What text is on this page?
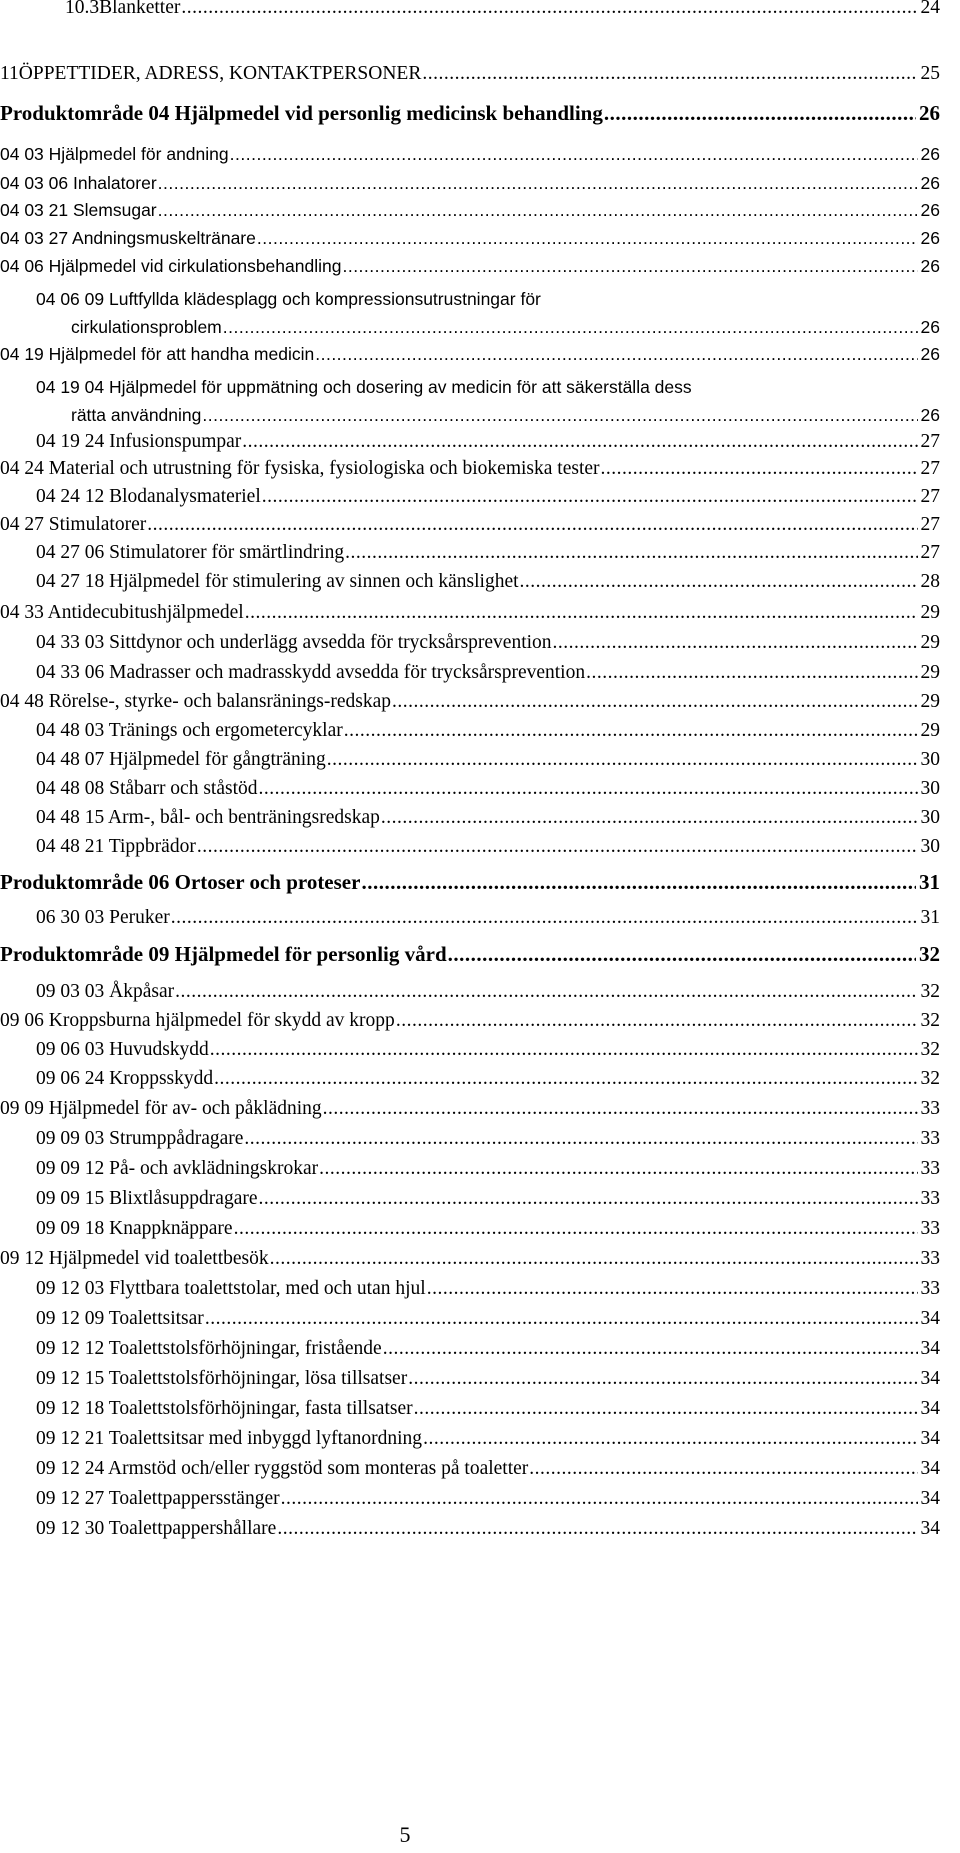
10.3 Blanketter .....	24
11 ÖPPETTIDER, ADRESS, KONTAKTPERSONER .....	25
Produktområde 04 Hjälpmedel vid personlig medicinsk behandling .....	26
04 03 Hjälpmedel för andning .....	26
04 03 06 Inhalatorer .....	26
04 03 21 Slemsugar .....	26
04 03 27 Andningsmuskeltränare .....	26
04 06 Hjälpmedel vid cirkulationsbehandling .....	26
04 06 09 Luftfyllda klädesplagg och kompressionsutrustningar för
cirkulationsproblem .....	26
04 19 Hjälpmedel för att handha medicin .....	26
04 19 04 Hjälpmedel för uppmätning och dosering av medicin för att säkerställa dess
rätta användning .....	26
04 19 24 Infusionspumpar .....	27
04 24 Material och utrustning för fysiska, fysiologiska och biokemiska tester .....	27
04 24 12 Blodanalysmateriel .....	27
04 27 Stimulatorer .....	27
04 27 06 Stimulatorer för smärtlindring .....	27
04 27 18 Hjälpmedel för stimulering av sinnen och känslighet .....	28
04 33 Antidecubitushjälpmedel .....	29
04 33 03 Sittdynor och underlägg avsedda för trycksårsprevention .....	29
04 33 06 Madrasser och madrasskydd avsedda för trycksårsprevention .....	29
04 48 Rörelse-, styrke- och balansränings-redskap .....	29
04 48 03 Tränings och ergometercyklar .....	29
04 48 07 Hjälpmedel för gångträning .....	30
04 48 08 Ståbarr och ståstöd .....	30
04 48 15 Arm-, bål- och benträningsredskap .....	30
04 48 21 Tippbrädor .....	30
Produktområde 06 Ortoser och proteser .....	31
06 30 03 Peruker .....	31
Produktområde 09 Hjälpmedel för personlig vård .....	32
09 03 03 Åkpåsar .....	32
09 06 Kroppsburna hjälpmedel för skydd av kropp .....	32
09 06 03 Huvudskydd .....	32
09 06 24 Kroppsskydd .....	32
09 09 Hjälpmedel för av- och påklädning .....	33
09 09 03 Strumppådragare .....	33
09 09 12 På- och avklädningskrokar .....	33
09 09 15 Blixtlåsuppdragare .....	33
09 09 18 Knappknäppare .....	33
09 12 Hjälpmedel vid toalettbesök .....	33
09 12 03 Flyttbara toalettstolar, med och utan hjul .....	33
09 12 09 Toalettsitsar .....	34
09 12 12 Toalettstolsförhöjningar, fristående .....	34
09 12 15 Toalettstolsförhöjningar, lösa tillsatser .....	34
09 12 18 Toalettstolsförhöjningar, fasta tillsatser .....	34
09 12 21 Toalettsitsar med inbyggd lyftanordning .....	34
09 12 24 Armstöd och/eller ryggstöd som monteras på toaletter .....	34
09 12 27 Toalettpappersstänger .....	34
09 12 30 Toalettpappershållare .....	34
5
